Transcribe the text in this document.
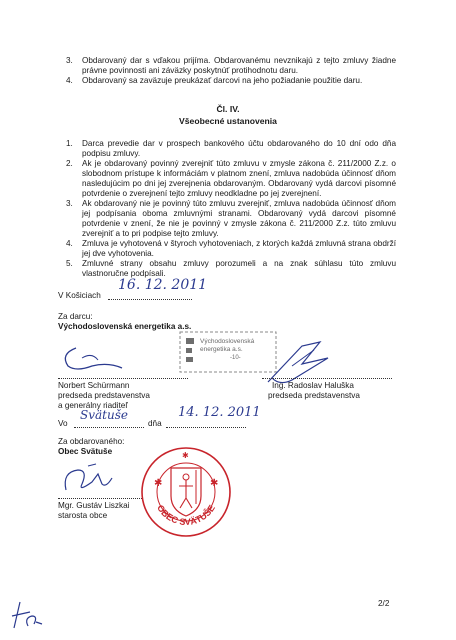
3.	Obdarovaný dar s vďakou prijíma. Obdarovanému nevznikajú z tejto zmluvy žiadne právne povinnosti ani záväzky poskytnúť protihodnotu daru.
4.	Obdarovaný sa zaväzuje preukázať darcovi na jeho požiadanie použitie daru.
Čl. IV.
Všeobecné ustanovenia
1.	Darca prevedie dar v prospech bankového účtu obdarovaného do 10 dní odo dňa podpisu zmluvy.
2.	Ak je obdarovaný povinný zverejniť túto zmluvu v zmysle zákona č. 211/2000 Z.z. o slobodnom prístupe k informáciám v platnom znení, zmluva nadobúda účinnosť dňom nasledujúcim po dni jej zverejnenia obdarovaným. Obdarovaný vydá darcovi písomné potvrdenie o zverejnení tejto zmluvy neodkladne po jej zverejnení.
3.	Ak obdarovaný nie je povinný túto zmluvu zverejniť, zmluva nadobúda účinnosť dňom jej podpísania oboma zmluvnými stranami. Obdarovaný vydá darcovi písomné potvrdenie v znení, že nie je povinný v zmysle zákona č. 211/2000 Z.z. túto zmluvu zverejniť a to pri podpise tejto zmluvy.
4.	Zmluva je vyhotovená v štyroch vyhotoveniach, z ktorých každá zmluvná strana obdrží jej dve vyhotovenia.
5.	Zmluvné strany obsahu zmluvy porozumeli a na znak súhlasu túto zmluvu vlastnoručne podpísali.
V Košiciach
16. 12. 2011
Za darcu:
Východoslovenská energetika a.s.
Východoslovenská
energetika a.s.
-10-
Norbert Schürmann
predseda predstavenstva
a generálny riaditeľ
Ing. Radoslav Haluška
predseda predstavenstva
Vo
Svätuše
dňa
14. 12. 2011
Za obdarovaného:
Obec Svätuše
Mgr. Gustáv Liszkai
starosta obce
OBEC SVÄTUŠE
✱	✱
✱
2/2
